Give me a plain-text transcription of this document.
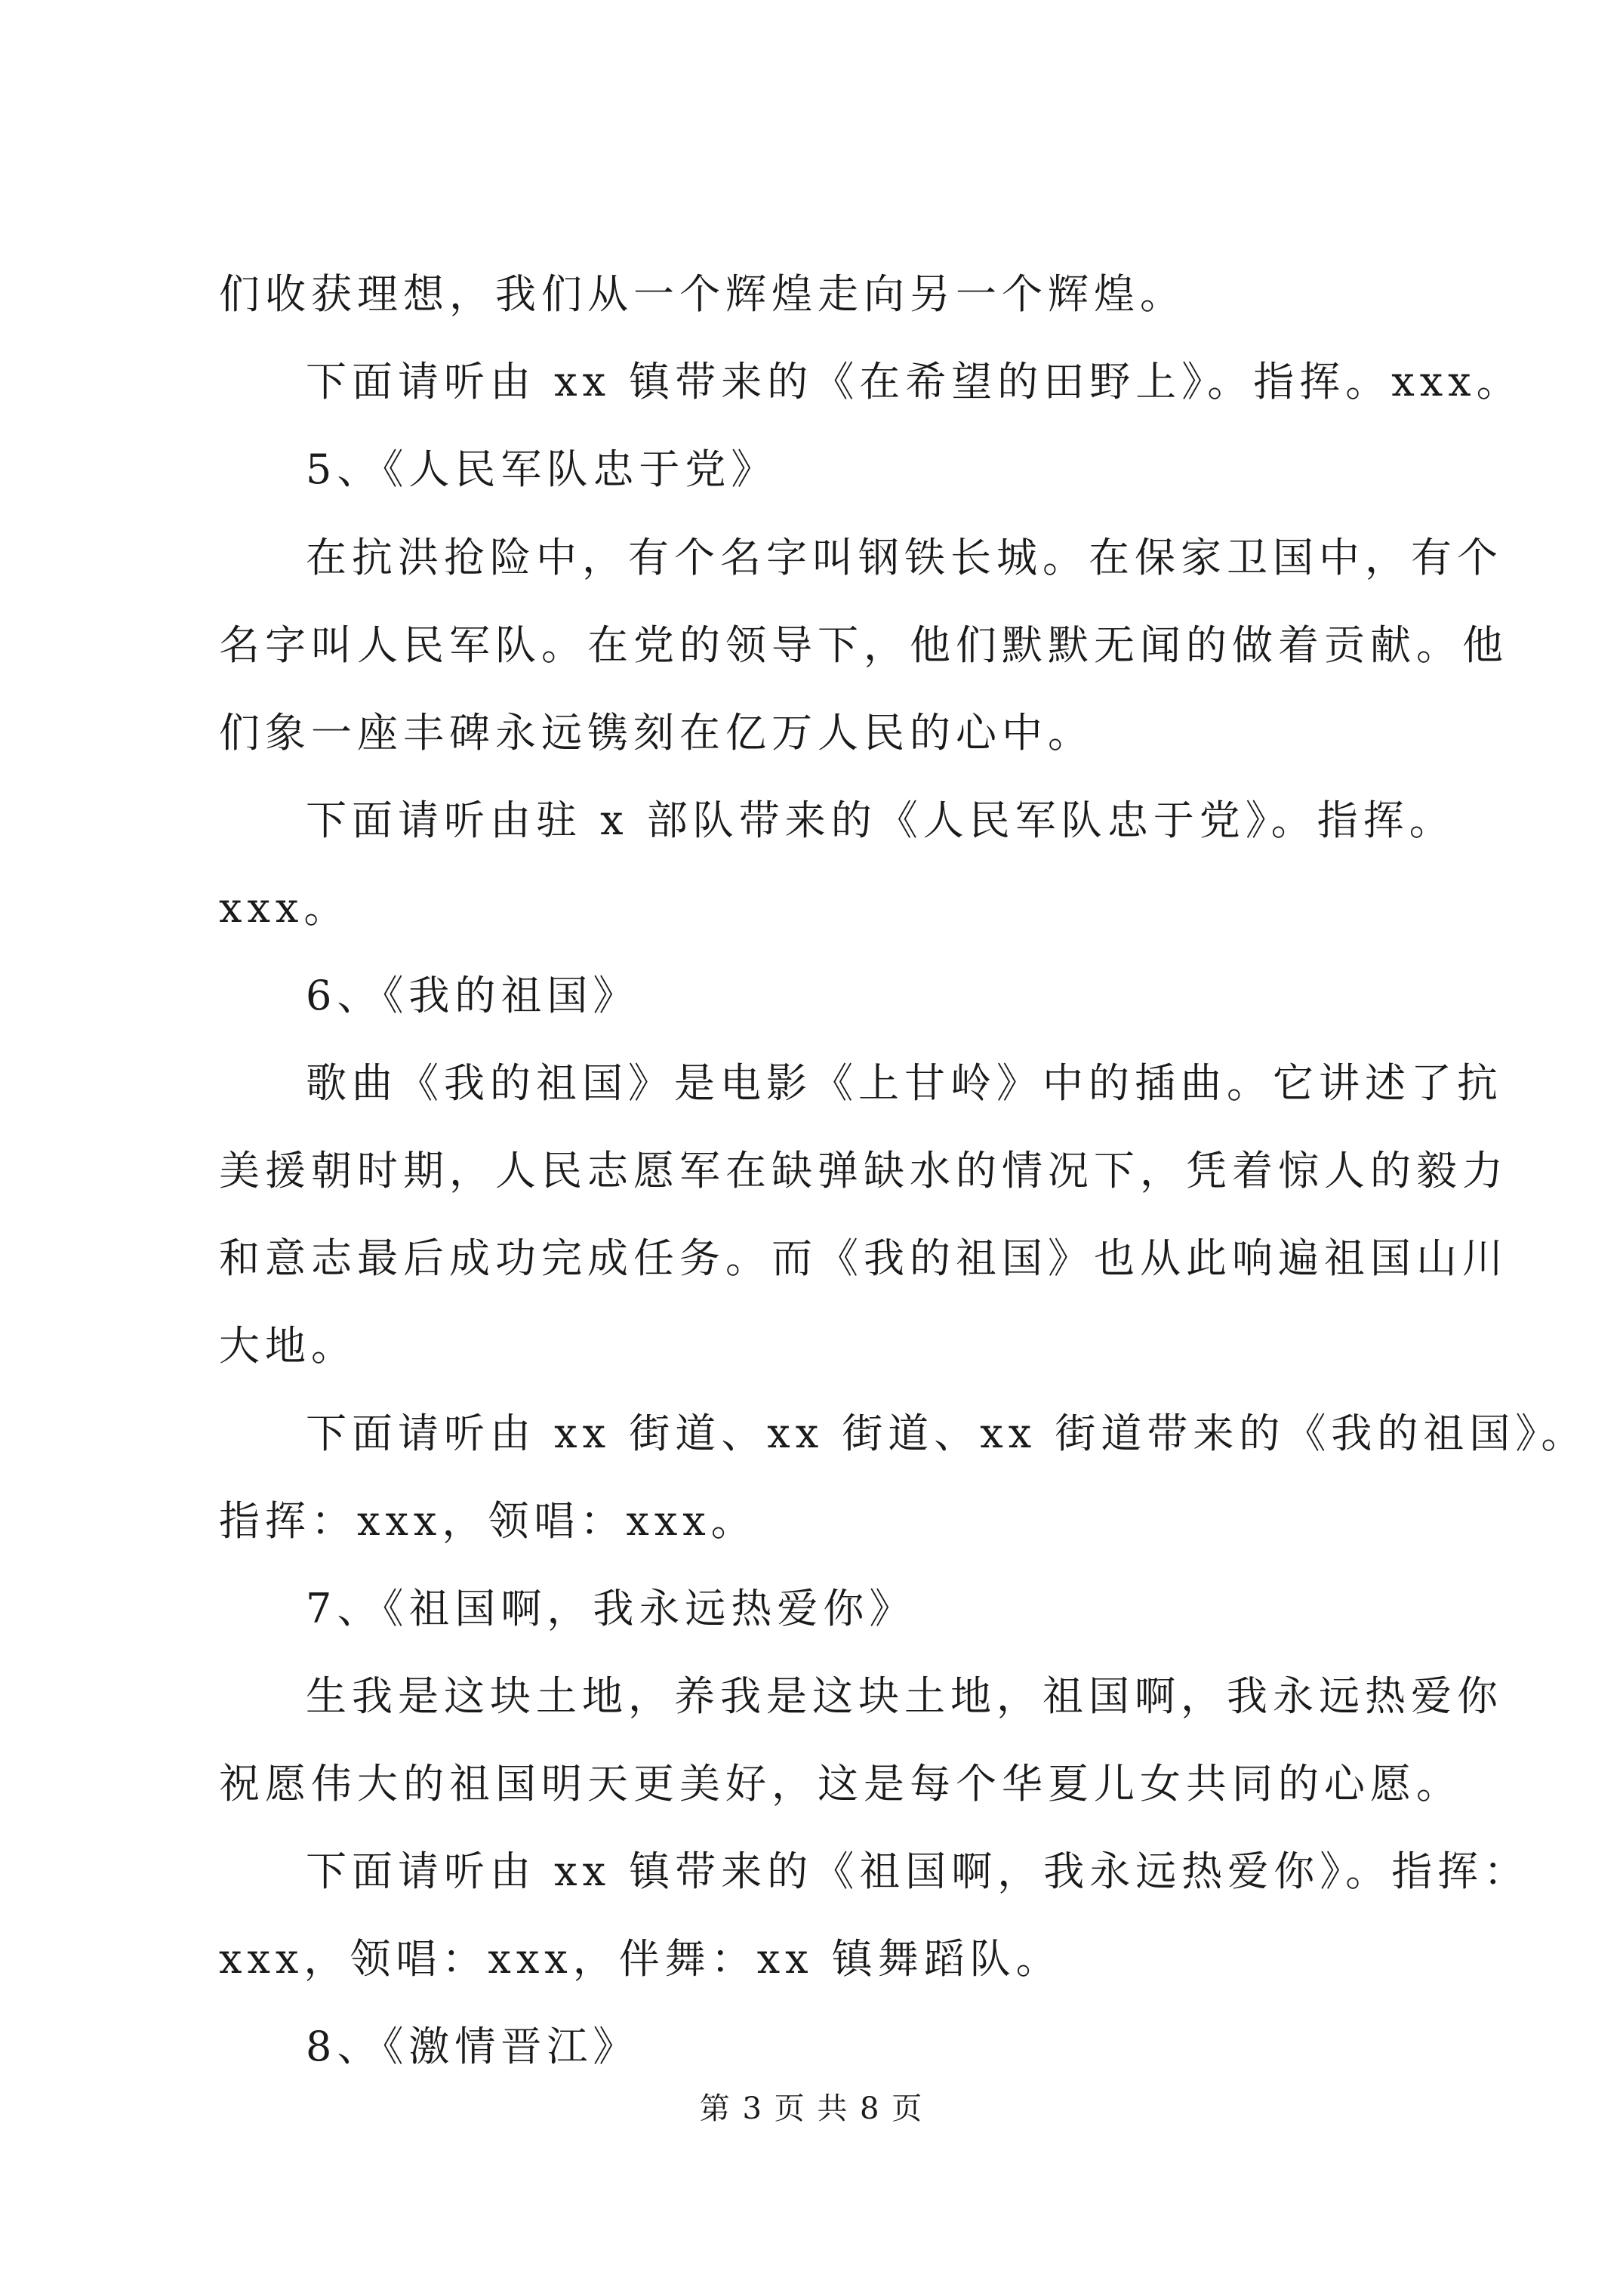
们收获理想，我们从一个辉煌走向另一个辉煌。
下面请听由 xx 镇带来的《在希望的田野上》。指挥。xxx。
5、《人民军队忠于党》
在抗洪抢险中，有个名字叫钢铁长城。在保家卫国中，有个
名字叫人民军队。在党的领导下，他们默默无闻的做着贡献。他
们象一座丰碑永远镌刻在亿万人民的心中。
下面请听由驻 x 部队带来的《人民军队忠于党》。指挥。
xxx。
6、《我的祖国》
歌曲《我的祖国》是电影《上甘岭》中的插曲。它讲述了抗
美援朝时期，人民志愿军在缺弹缺水的情况下，凭着惊人的毅力
和意志最后成功完成任务。而《我的祖国》也从此响遍祖国山川
大地。
下面请听由 xx 街道、xx 街道、xx 街道带来的《我的祖国》。
指挥：xxx，领唱：xxx。
7、《祖国啊，我永远热爱你》
生我是这块土地，养我是这块土地，祖国啊，我永远热爱你
祝愿伟大的祖国明天更美好，这是每个华夏儿女共同的心愿。
下面请听由 xx 镇带来的《祖国啊，我永远热爱你》。指挥：
xxx，领唱：xxx，伴舞：xx 镇舞蹈队。
8、《激情晋江》
第 3 页 共 8 页
